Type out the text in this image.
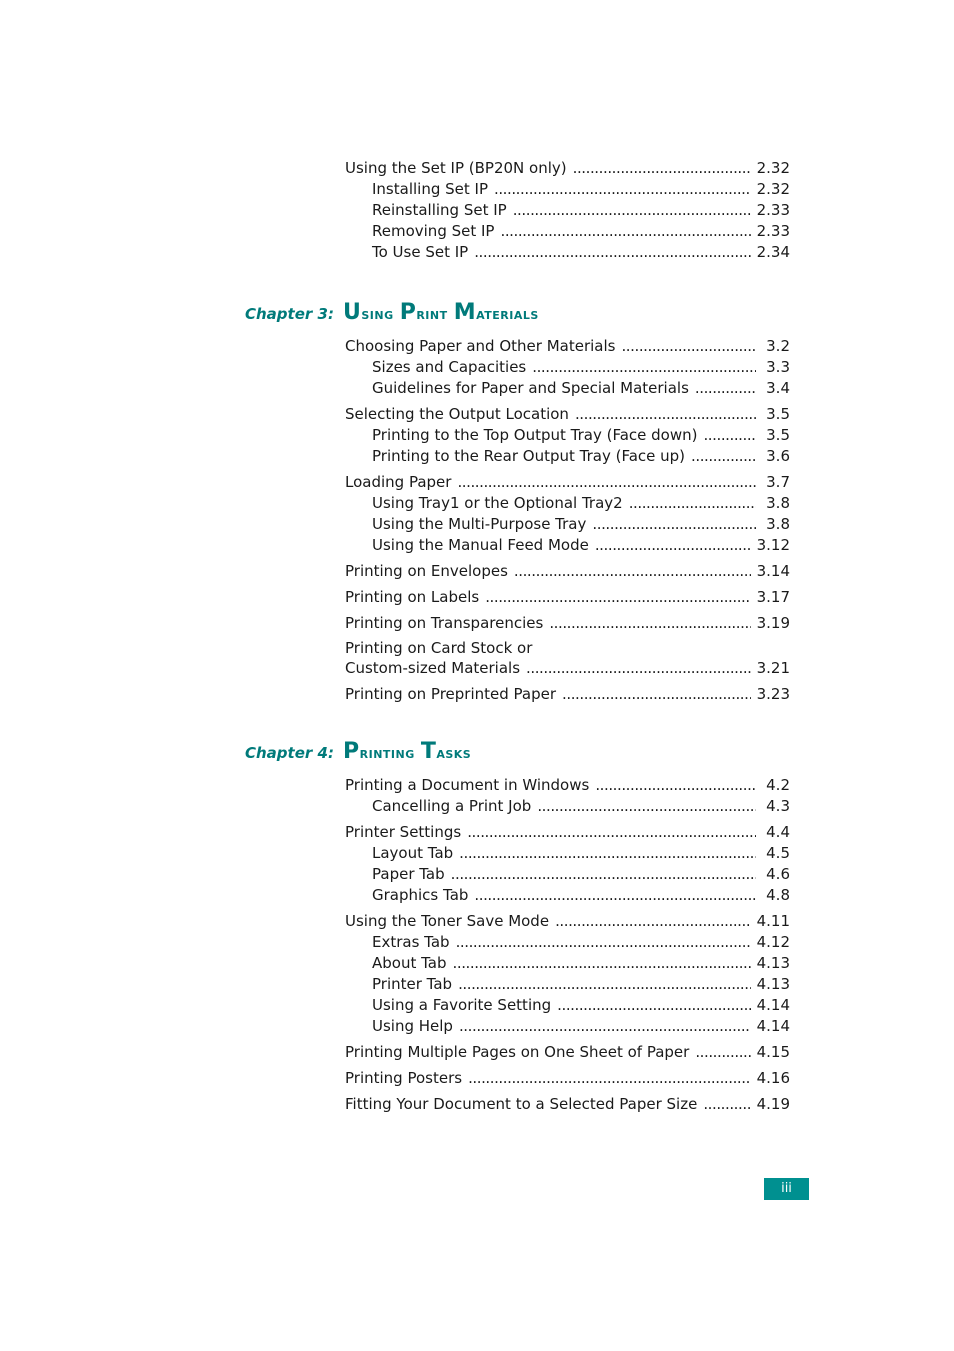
Using the Set IP (BP20N only) . . .	2.32
Installing Set IP . . .	2.32
Reinstalling Set IP . . .	2.33
Removing Set IP . . .	2.33
To Use Set IP . . .	2.34
Chapter 3: Using Print Materials
Choosing Paper and Other Materials . . .	3.2
Sizes and Capacities . . .	3.3
Guidelines for Paper and Special Materials . . .	3.4
Selecting the Output Location . . .	3.5
Printing to the Top Output Tray (Face down) . . .	3.5
Printing to the Rear Output Tray (Face up) . . .	3.6
Loading Paper . . .	3.7
Using Tray1 or the Optional Tray2 . . .	3.8
Using the Multi-Purpose Tray . . .	3.8
Using the Manual Feed Mode . . .	3.12
Printing on Envelopes . . .	3.14
Printing on Labels . . .	3.17
Printing on Transparencies . . .	3.19
Printing on Card Stock or
Custom-sized Materials . . .	3.21
Printing on Preprinted Paper . . .	3.23
Chapter 4: Printing Tasks
Printing a Document in Windows . . .	4.2
Cancelling a Print Job . . .	4.3
Printer Settings . . .	4.4
Layout Tab . . .	4.5
Paper Tab . . .	4.6
Graphics Tab . . .	4.8
Using the Toner Save Mode . . .	4.11
Extras Tab . . .	4.12
About Tab . . .	4.13
Printer Tab . . .	4.13
Using a Favorite Setting . . .	4.14
Using Help . . .	4.14
Printing Multiple Pages on One Sheet of Paper . . .	4.15
Printing Posters . . .	4.16
Fitting Your Document to a Selected Paper Size . . .	4.19
iii
